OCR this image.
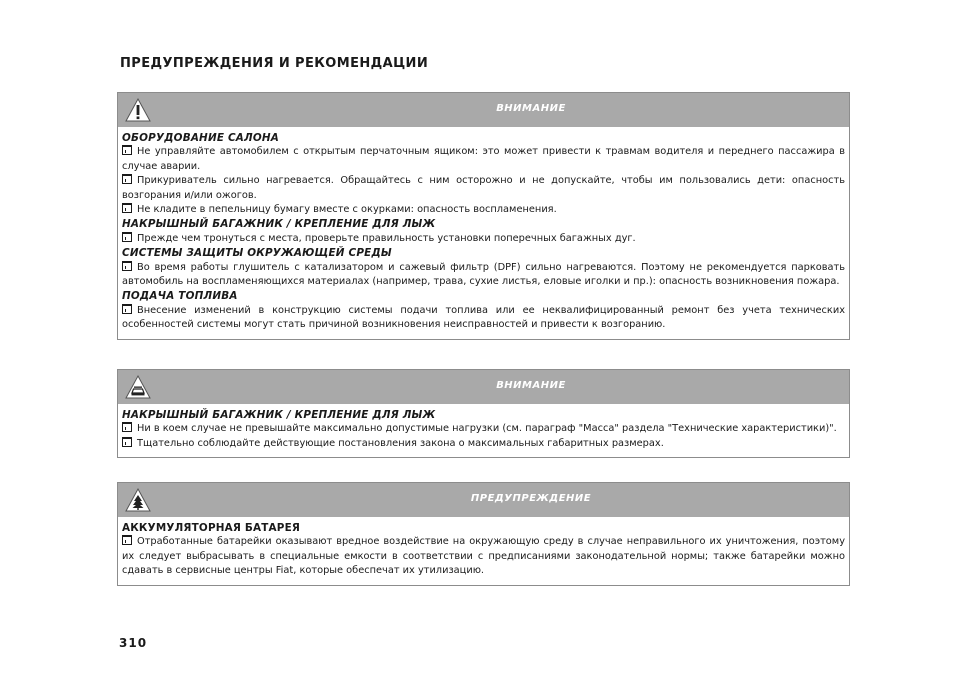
ПРЕДУПРЕЖДЕНИЯ И РЕКОМЕНДАЦИИ
ВНИМАНИЕ
ОБОРУДОВАНИЕ САЛОНА

Не управляйте автомобилем с открытым перчаточным ящиком: это может привести к травмам водителя и переднего пассажира в случае аварии.

Прикуриватель сильно нагревается. Обращайтесь с ним осторожно и не допускайте, чтобы им пользовались дети: опасность возгорания и/или ожогов.

Не кладите в пепельницу бумагу вместе с окурками: опасность воспламенения.

НАКРЫШНЫЙ БАГАЖНИК / КРЕПЛЕНИЕ ДЛЯ ЛЫЖ

Прежде чем тронуться с места, проверьте правильность установки поперечных багажных дуг.

СИСТЕМЫ ЗАЩИТЫ ОКРУЖАЮЩЕЙ СРЕДЫ

Во время работы глушитель с катализатором и сажевый фильтр (DPF) сильно нагреваются. Поэтому не рекомендуется парковать автомобиль на воспламеняющихся материалах (например, трава, сухие листья, еловые иголки и пр.): опасность возникновения пожара.

ПОДАЧА ТОПЛИВА

Внесение изменений в конструкцию системы подачи топлива или ее неквалифицированный ремонт без учета технических особенностей системы могут стать причиной возникновения неисправностей и привести к возгоранию.

ВНИМАНИЕ
НАКРЫШНЫЙ БАГАЖНИК / КРЕПЛЕНИЕ ДЛЯ ЛЫЖ

Ни в коем случае не превышайте максимально допустимые нагрузки (см. параграф "Масса" раздела "Технические характеристики)".

Тщательно соблюдайте действующие постановления закона о максимальных габаритных размерах.

ПРЕДУПРЕЖДЕНИЕ
АККУМУЛЯТОРНАЯ БАТАРЕЯ

Отработанные батарейки оказывают вредное воздействие на окружающую среду в случае неправильного их уничтожения, поэтому их следует выбрасывать в специальные емкости в соответствии с предписаниями законодательной нормы; также батарейки можно сдавать в сервисные центры Fiat, которые обеспечат их утилизацию.

310
